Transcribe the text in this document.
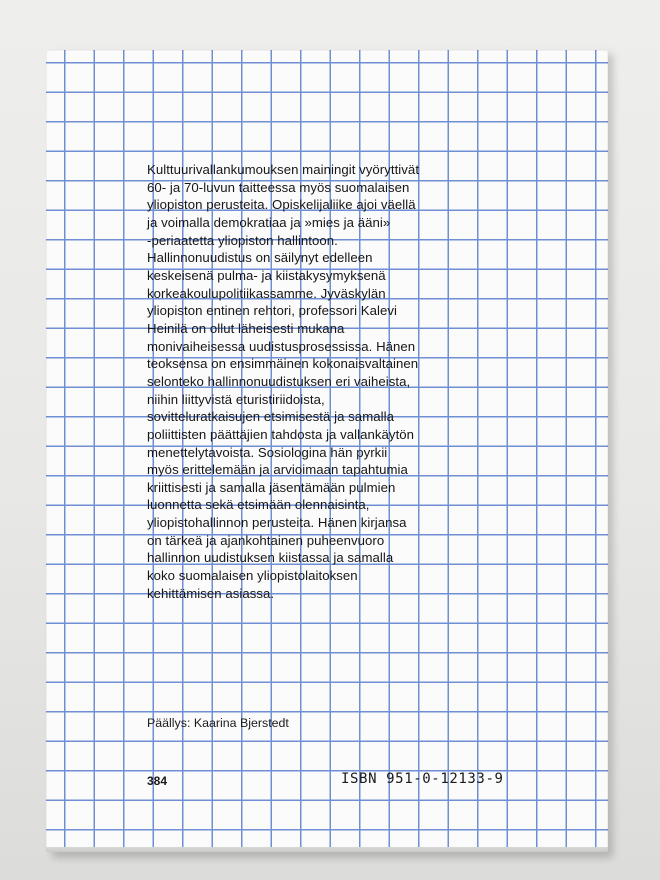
Kulttuurivallankumouksen mainingit vyöryttivät
60- ja 70-luvun taitteessa myös suomalaisen
yliopiston perusteita. Opiskelijaliike ajoi väellä
ja voimalla demokratiaa ja »mies ja ääni»
-periaatetta yliopiston hallintoon.
Hallinnonuudistus on säilynyt edelleen
keskeisenä pulma- ja kiistakysymyksenä
korkeakoulupolitiikassamme. Jyväskylän
yliopiston entinen rehtori, professori Kalevi
Heinilä on ollut läheisesti mukana
monivaiheisessa uudistusprosessissa. Hänen
teoksensa on ensimmäinen kokonaisvaltainen
selonteko hallinnonuudistuksen eri vaiheista,
niihin liittyvistä eturistiriidoista,
sovitteluratkaisujen etsimisestä ja samalla
poliittisten päättäjien tahdosta ja vallankäytön
menettelytavoista. Sosiologina hän pyrkii
myös erittelemään ja arvioimaan tapahtumia
kriittisesti ja samalla jäsentämään pulmien
luonnetta sekä etsimään olennaisinta,
yliopistohallinnon perusteita. Hänen kirjansa
on tärkeä ja ajankohtainen puheenvuoro
hallinnon uudistuksen kiistassa ja samalla
koko suomalaisen yliopistolaitoksen
kehittämisen asiassa.

Päällys: Kaarina Bjerstedt
384	ISBN 951-0-12133-9
